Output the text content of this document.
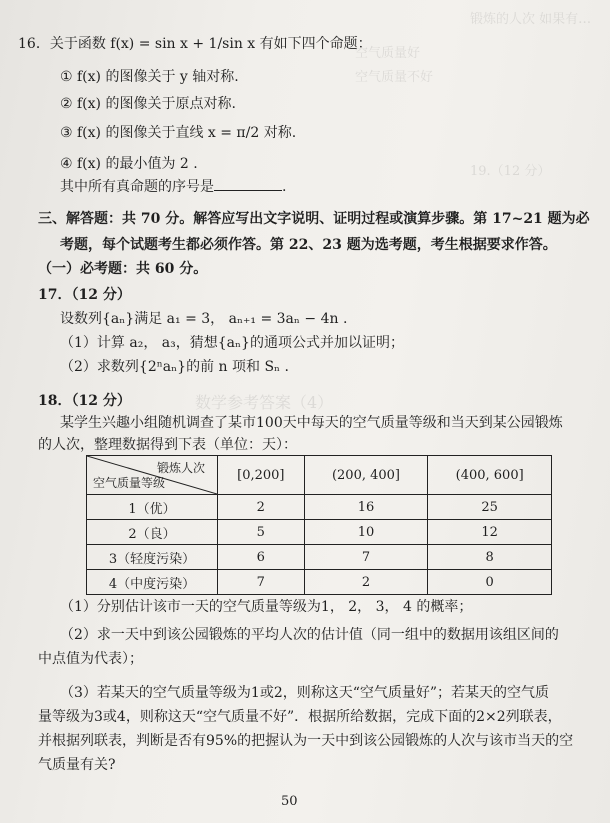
锻炼的人次 如果有…
空气质量好
空气质量不好
19.（12 分）
数学参考答案（4）
16．关于函数 f(x) = sin x + 1/sin x 有如下四个命题：
① f(x) 的图像关于 y 轴对称.
② f(x) 的图像关于原点对称.
③ f(x) 的图像关于直线 x = π/2 对称.
④ f(x) 的最小值为 2 .
其中所有真命题的序号是	.
三、解答题：共 70 分。解答应写出文字说明、证明过程或演算步骤。第 17~21 题为必
考题，每个试题考生都必须作答。第 22、23 题为选考题，考生根据要求作答。
（一）必考题：共 60 分。
17．（12 分）
设数列{aₙ}满足 a₁ = 3， aₙ₊₁ = 3aₙ − 4n .
（1）计算 a₂， a₃，猜想{aₙ}的通项公式并加以证明；
（2）求数列{2ⁿaₙ}的前 n 项和 Sₙ .
18．（12 分）
某学生兴趣小组随机调查了某市100天中每天的空气质量等级和当天到某公园锻炼
的人次，整理数据得到下表（单位：天）：
锻炼人次
空气质量等级	[0,200]	(200, 400]	(400, 600]
1（优）	2	16	25
2（良）	5	10	12
3（轻度污染）	6	7	8
4（中度污染）	7	2	0
（1）分别估计该市一天的空气质量等级为1， 2， 3， 4 的概率；
（2）求一天中到该公园锻炼的平均人次的估计值（同一组中的数据用该组区间的
中点值为代表）；
（3）若某天的空气质量等级为1或2，则称这天“空气质量好”；若某天的空气质
量等级为3或4，则称这天“空气质量不好”．根据所给数据，完成下面的2×2列联表，
并根据列联表，判断是否有95%的把握认为一天中到该公园锻炼的人次与该市当天的空
气质量有关?
50
